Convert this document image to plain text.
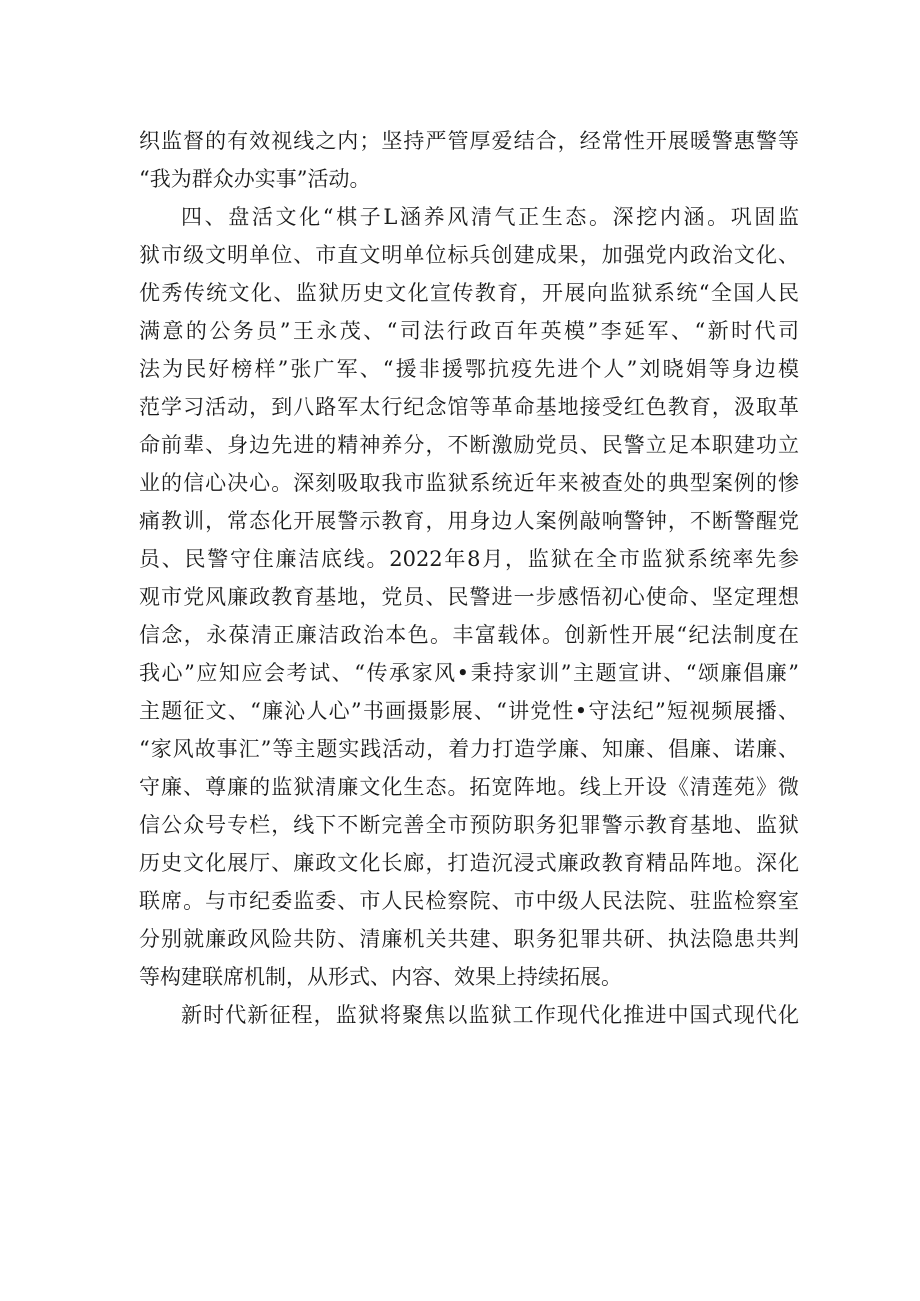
织监督的有效视线之内；坚持严管厚爱结合，经常性开展暖警惠警等
“我为群众办实事”活动。
四、盘活文化“棋子L涵养风清气正生态。深挖内涵。巩固监
狱市级文明单位、市直文明单位标兵创建成果，加强党内政治文化、
优秀传统文化、监狱历史文化宣传教育，开展向监狱系统“全国人民
满意的公务员”王永茂、“司法行政百年英模”李延军、“新时代司
法为民好榜样”张广军、“援非援鄂抗疫先进个人”刘晓娟等身边模
范学习活动，到八路军太行纪念馆等革命基地接受红色教育，汲取革
命前辈、身边先进的精神养分，不断激励党员、民警立足本职建功立
业的信心决心。深刻吸取我市监狱系统近年来被查处的典型案例的惨
痛教训，常态化开展警示教育，用身边人案例敲响警钟，不断警醒党
员、民警守住廉洁底线。2022年8月，监狱在全市监狱系统率先参
观市党风廉政教育基地，党员、民警进一步感悟初心使命、坚定理想
信念，永葆清正廉洁政治本色。丰富载体。创新性开展“纪法制度在
我心”应知应会考试、“传承家风•秉持家训”主题宣讲、“颂廉倡廉”
主题征文、“廉沁人心”书画摄影展、“讲党性•守法纪”短视频展播、
“家风故事汇”等主题实践活动，着力打造学廉、知廉、倡廉、诺廉、
守廉、尊廉的监狱清廉文化生态。拓宽阵地。线上开设《清莲苑》微
信公众号专栏，线下不断完善全市预防职务犯罪警示教育基地、监狱
历史文化展厅、廉政文化长廊，打造沉浸式廉政教育精品阵地。深化
联席。与市纪委监委、市人民检察院、市中级人民法院、驻监检察室
分别就廉政风险共防、清廉机关共建、职务犯罪共研、执法隐患共判
等构建联席机制，从形式、内容、效果上持续拓展。
新时代新征程，监狱将聚焦以监狱工作现代化推进中国式现代化
